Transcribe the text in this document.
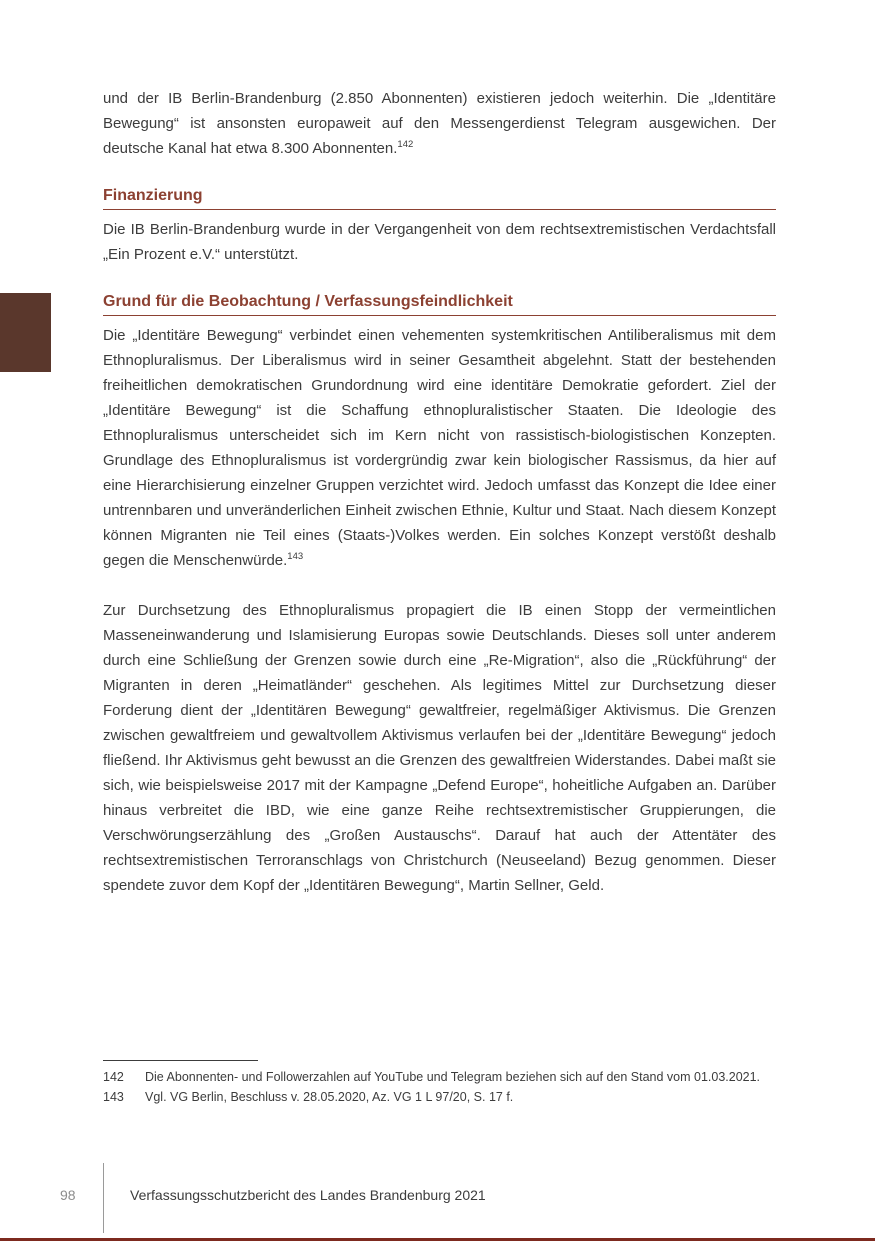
und der IB Berlin-Brandenburg (2.850 Abonnenten) existieren jedoch weiterhin. Die „Identitäre Bewegung“ ist ansonsten europaweit auf den Messengerdienst Telegram ausgewichen. Der deutsche Kanal hat etwa 8.300 Abonnenten.$^{142}$

Finanzierung

Die IB Berlin-Brandenburg wurde in der Vergangenheit von dem rechtsextremistischen Verdachtsfall „Ein Prozent e.V.“ unterstützt.

Grund für die Beobachtung / Verfassungsfeindlichkeit

Die „Identitäre Bewegung“ verbindet einen vehementen systemkritischen Antiliberalismus mit dem Ethnopluralismus. Der Liberalismus wird in seiner Gesamtheit abgelehnt. Statt der bestehenden freiheitlichen demokratischen Grundordnung wird eine identitäre Demokratie gefordert. Ziel der „Identitäre Bewegung“ ist die Schaffung ethnopluralistischer Staaten. Die Ideologie des Ethnopluralismus unterscheidet sich im Kern nicht von rassistisch-biologistischen Konzepten. Grundlage des Ethnopluralismus ist vordergründig zwar kein biologischer Rassismus, da hier auf eine Hierarchisierung einzelner Gruppen verzichtet wird. Jedoch umfasst das Konzept die Idee einer untrennbaren und unveränderlichen Einheit zwischen Ethnie, Kultur und Staat. Nach diesem Konzept können Migranten nie Teil eines (Staats-)Volkes werden. Ein solches Konzept verstößt deshalb gegen die Menschenwürde.$^{143}$

Zur Durchsetzung des Ethnopluralismus propagiert die IB einen Stopp der vermeintlichen Masseneinwanderung und Islamisierung Europas sowie Deutschlands. Dieses soll unter anderem durch eine Schließung der Grenzen sowie durch eine „Re-Migration“, also die „Rückführung“ der Migranten in deren „Heimatländer“ geschehen. Als legitimes Mittel zur Durchsetzung dieser Forderung dient der „Identitären Bewegung“ gewaltfreier, regelmäßiger Aktivismus. Die Grenzen zwischen gewaltfreiem und gewaltvollem Aktivismus verlaufen bei der „Identitäre Bewegung“ jedoch fließend. Ihr Aktivismus geht bewusst an die Grenzen des gewaltfreien Widerstandes. Dabei maßt sie sich, wie beispielsweise 2017 mit der Kampagne „Defend Europe“, hoheitliche Aufgaben an. Darüber hinaus verbreitet die IBD, wie eine ganze Reihe rechtsextremistischer Gruppierungen, die Verschwörungserzählung des „Großen Austauschs“. Darauf hat auch der Attentäter des rechtsextremistischen Terroranschlags von Christchurch (Neuseeland) Bezug genommen. Dieser spendete zuvor dem Kopf der „Identitären Bewegung“, Martin Sellner, Geld.

142	Die Abonnenten- und Followerzahlen auf YouTube und Telegram beziehen sich auf den Stand vom 01.03.2021.
143	Vgl. VG Berlin, Beschluss v. 28.05.2020, Az. VG 1 L 97/20, S. 17 f.
98	Verfassungsschutzbericht des Landes Brandenburg 2021
